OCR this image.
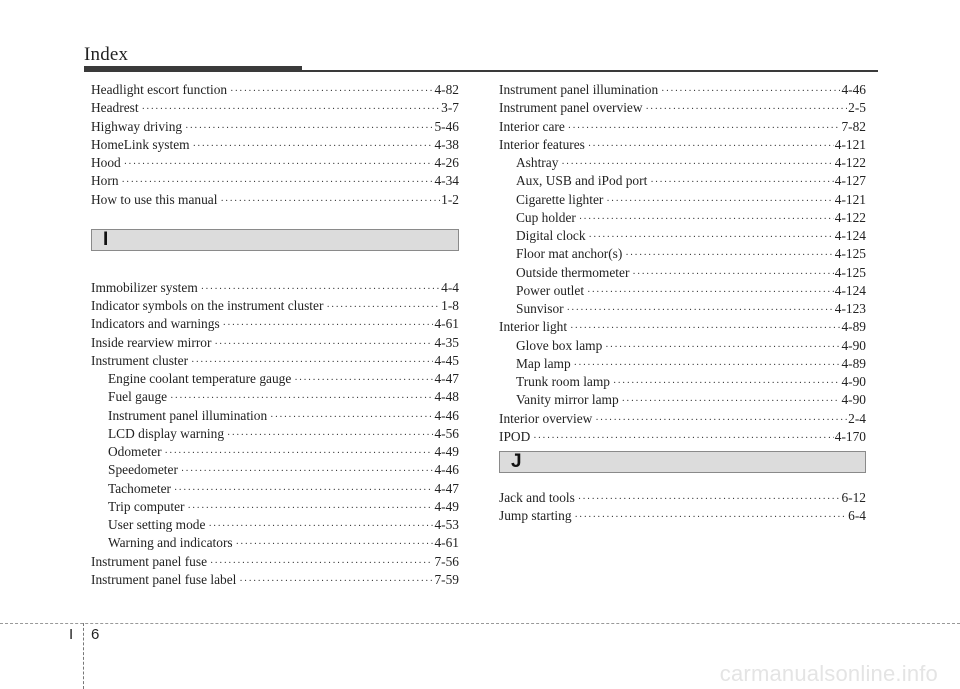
Index
Headlight escort function ·····	4-82
Headrest ·····	3-7
Highway driving ·····	5-46
HomeLink system ·····	4-38
Hood ·····	4-26
Horn ·····	4-34
How to use this manual ·····	1-2
I
Immobilizer system ·····	4-4
Indicator symbols on the instrument cluster ·····	1-8
Indicators and warnings ·····	4-61
Inside rearview mirror ·····	4-35
Instrument cluster ·····	4-45
Engine coolant temperature gauge ·····	4-47
Fuel gauge ·····	4-48
Instrument panel illumination ·····	4-46
LCD display warning ·····	4-56
Odometer ·····	4-49
Speedometer ·····	4-46
Tachometer ·····	4-47
Trip computer ·····	4-49
User setting mode ·····	4-53
Warning and indicators ·····	4-61
Instrument panel fuse ·····	7-56
Instrument panel fuse label ·····	7-59
Instrument panel illumination ·····	4-46
Instrument panel overview ·····	2-5
Interior care ·····	7-82
Interior features ·····	4-121
Ashtray ·····	4-122
Aux, USB and iPod port ·····	4-127
Cigarette lighter ·····	4-121
Cup holder ·····	4-122
Digital clock ·····	4-124
Floor mat anchor(s) ·····	4-125
Outside thermometer ·····	4-125
Power outlet ·····	4-124
Sunvisor ·····	4-123
Interior light ·····	4-89
Glove box lamp ·····	4-90
Map lamp ·····	4-89
Trunk room lamp ·····	4-90
Vanity mirror lamp ·····	4-90
Interior overview ·····	2-4
IPOD ·····	4-170
J
Jack and tools ·····	6-12
Jump starting ·····	6-4
I 6
carmanualsonline.info
